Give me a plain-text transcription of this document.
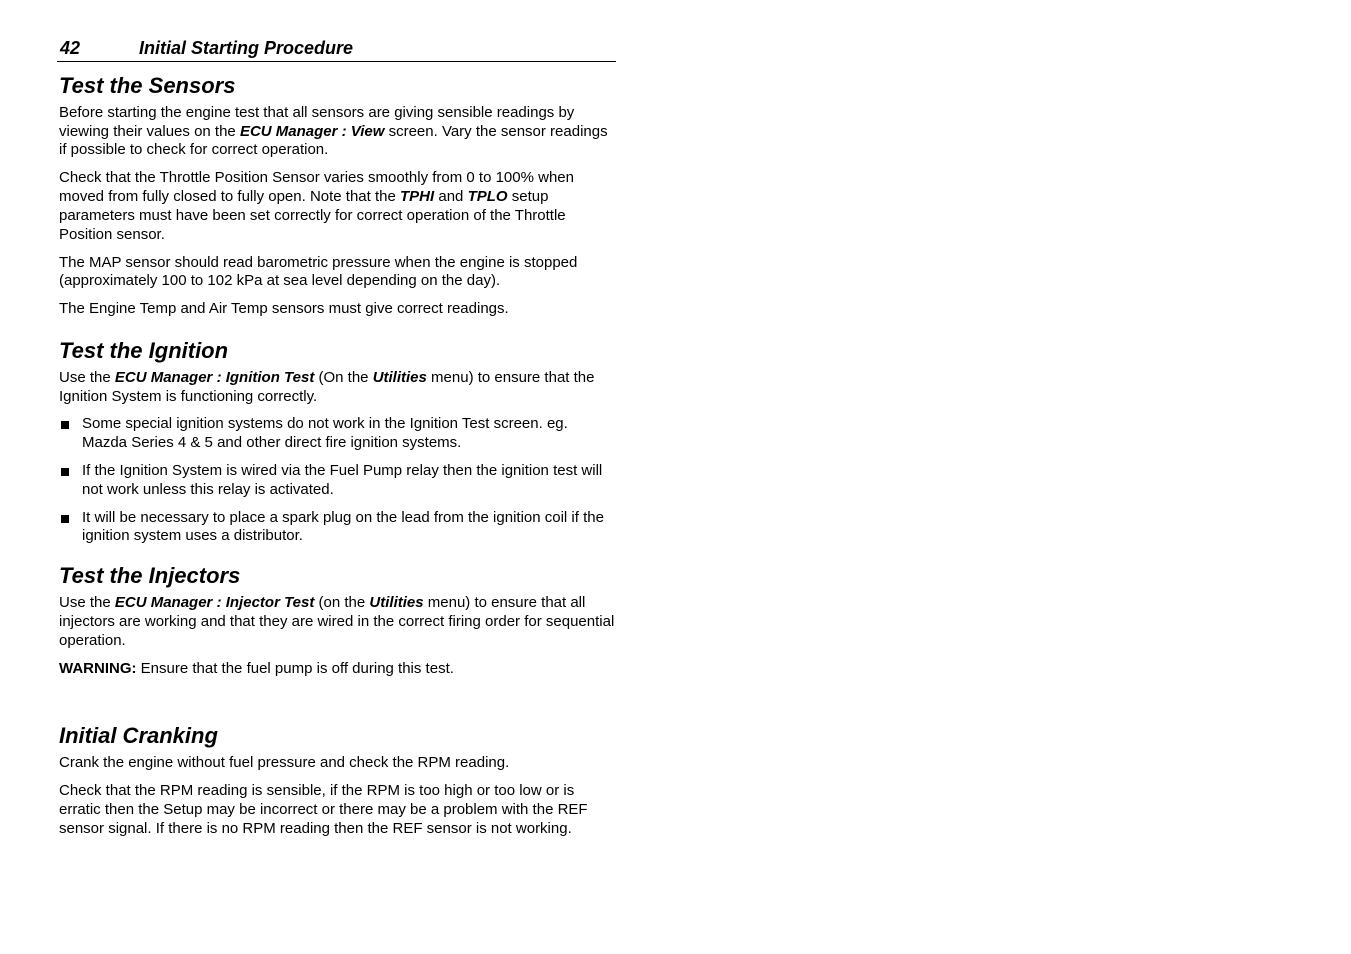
42	Initial Starting Procedure
Test the Sensors

Before starting the engine test that all sensors are giving sensible readings by viewing their values on the ECU Manager : View screen. Vary the sensor readings if possible to check for correct operation.

Check that the Throttle Position Sensor varies smoothly from 0 to 100% when moved from fully closed to fully open. Note that the TPHI and TPLO setup parameters must have been set correctly for correct operation of the Throttle Position sensor.

The MAP sensor should read barometric pressure when the engine is stopped (approximately 100 to 102 kPa at sea level depending on the day).

The Engine Temp and Air Temp sensors must give correct readings.

Test the Ignition

Use the ECU Manager : Ignition Test (On the Utilities menu) to ensure that the Ignition System is functioning correctly.

Some special ignition systems do not work in the Ignition Test screen. eg. Mazda Series 4 & 5 and other direct fire ignition systems.
If the Ignition System is wired via the Fuel Pump relay then the ignition test will not work unless this relay is activated.
It will be necessary to place a spark plug on the lead from the ignition coil if the ignition system uses a distributor.
Test the Injectors

Use the ECU Manager : Injector Test (on the Utilities menu) to ensure that all injectors are working and that they are wired in the correct firing order for sequential operation.

WARNING: Ensure that the fuel pump is off during this test.

Initial Cranking

Crank the engine without fuel pressure and check the RPM reading.

Check that the RPM reading is sensible, if the RPM is too high or too low or is erratic then the Setup may be incorrect or there may be a problem with the REF sensor signal. If there is no RPM reading then the REF sensor is not working.
